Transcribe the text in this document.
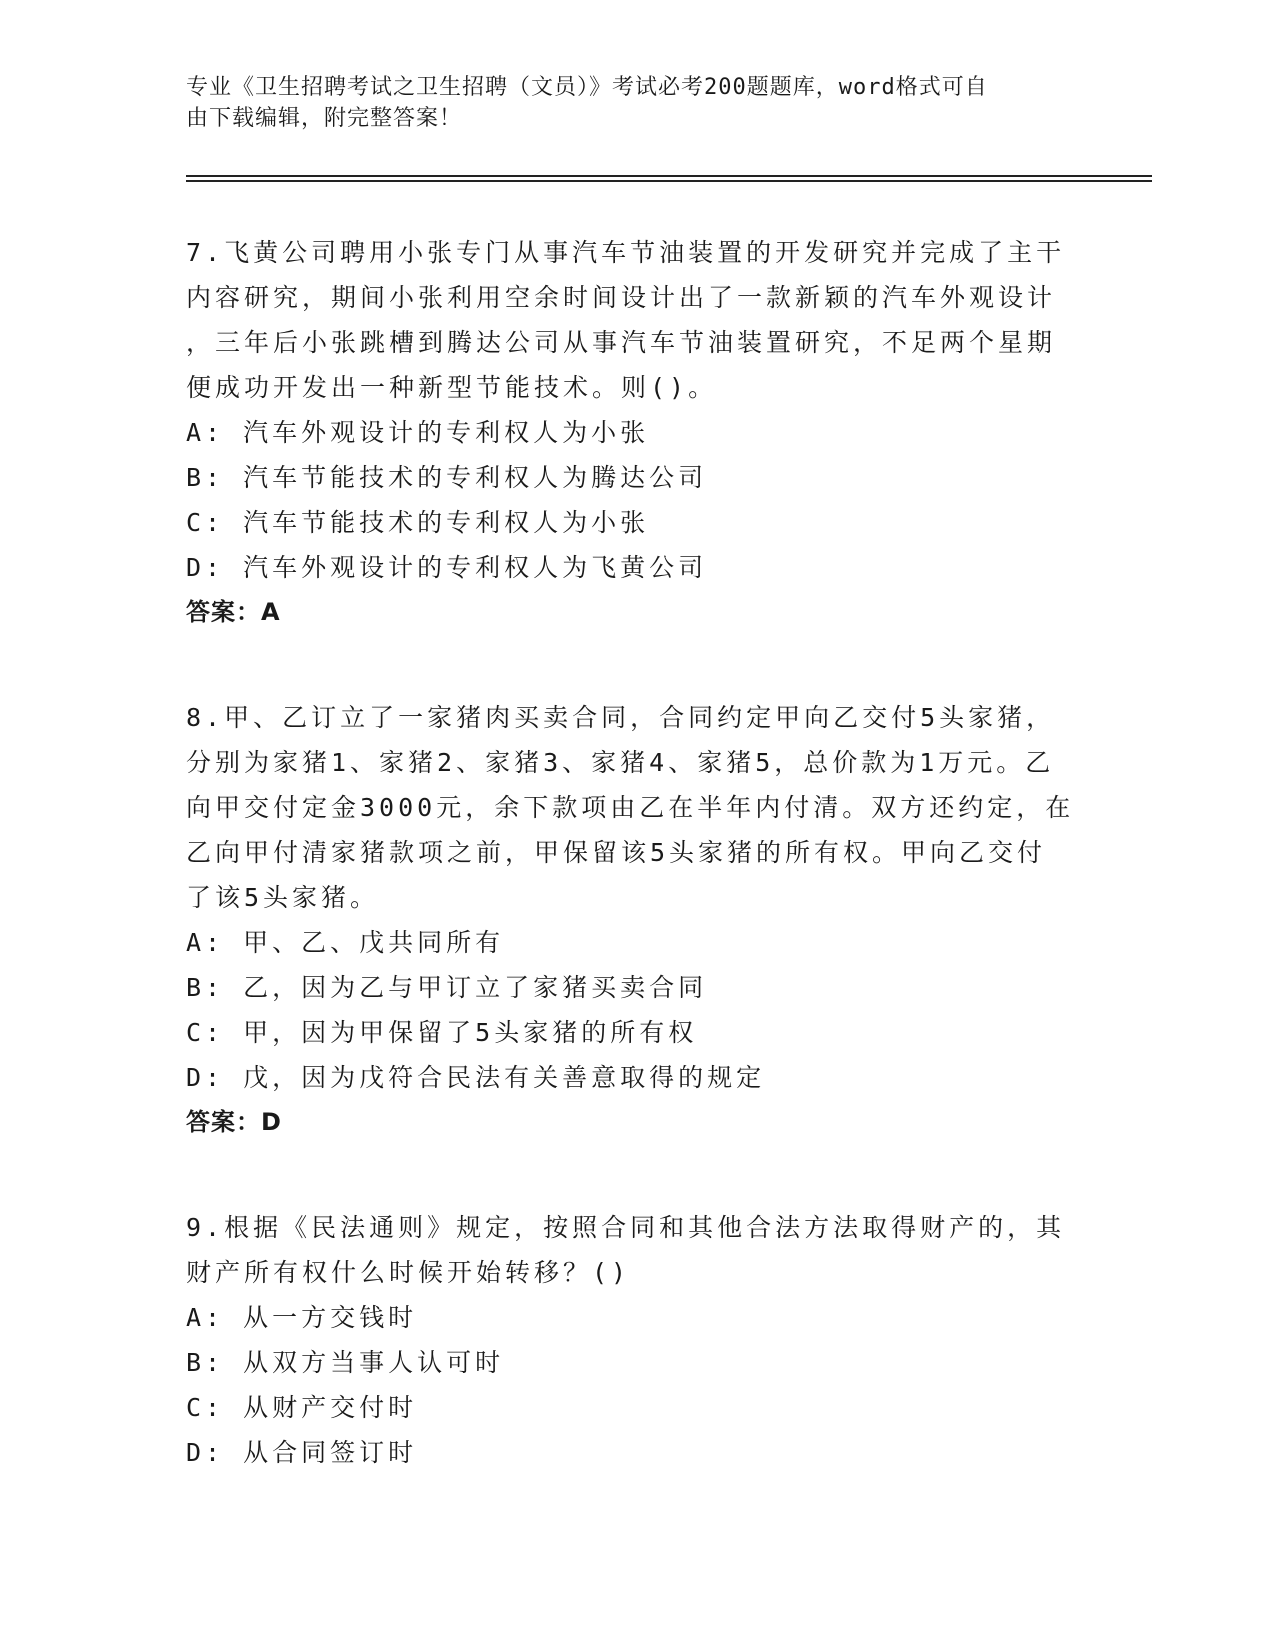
专业《卫生招聘考试之卫生招聘（文员）》考试必考200题题库，word格式可自
由下载编辑，附完整答案！

7.飞黄公司聘用小张专门从事汽车节油装置的开发研究并完成了主干

内容研究，期间小张利用空余时间设计出了一款新颖的汽车外观设计

，三年后小张跳槽到腾达公司从事汽车节油装置研究，不足两个星期

便成功开发出一种新型节能技术。则()。

A: 汽车外观设计的专利权人为小张

B: 汽车节能技术的专利权人为腾达公司

C: 汽车节能技术的专利权人为小张

D: 汽车外观设计的专利权人为飞黄公司

答案：A

8.甲、乙订立了一家猪肉买卖合同，合同约定甲向乙交付5头家猪，

分别为家猪1、家猪2、家猪3、家猪4、家猪5，总价款为1万元。乙

向甲交付定金3000元，余下款项由乙在半年内付清。双方还约定，在

乙向甲付清家猪款项之前，甲保留该5头家猪的所有权。甲向乙交付

了该5头家猪。

A: 甲、乙、戊共同所有

B: 乙，因为乙与甲订立了家猪买卖合同

C: 甲，因为甲保留了5头家猪的所有权

D: 戊，因为戊符合民法有关善意取得的规定

答案：D

9.根据《民法通则》规定，按照合同和其他合法方法取得财产的，其

财产所有权什么时候开始转移？()

A: 从一方交钱时

B: 从双方当事人认可时

C: 从财产交付时

D: 从合同签订时
